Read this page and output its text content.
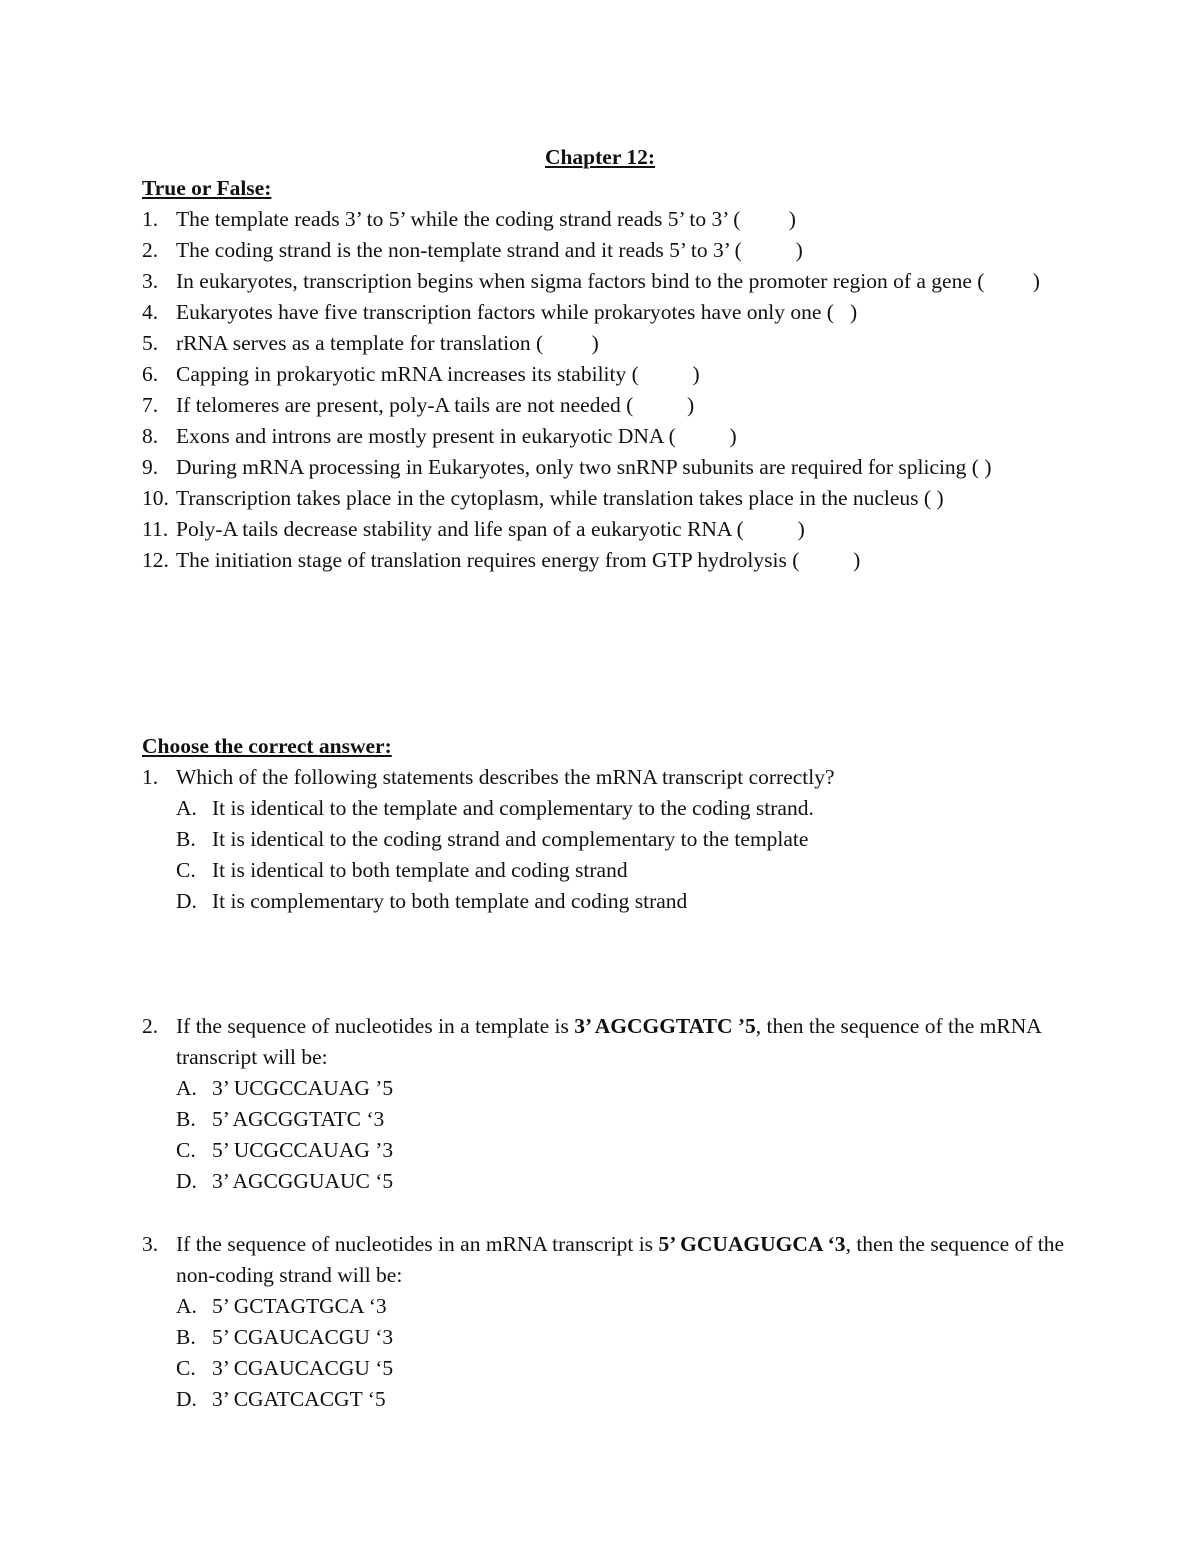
Chapter 12:
True or False:
1. The template reads 3’ to 5’ while the coding strand reads 5’ to 3’ (         )
2. The coding strand is the non-template strand and it reads 5’ to 3’ (          )
3. In eukaryotes, transcription begins when sigma factors bind to the promoter region of a gene (         )
4. Eukaryotes have five transcription factors while prokaryotes have only one (   )
5. rRNA serves as a template for translation (         )
6. Capping in prokaryotic mRNA increases its stability (          )
7. If telomeres are present, poly-A tails are not needed (          )
8. Exons and introns are mostly present in eukaryotic DNA (          )
9. During mRNA processing in Eukaryotes, only two snRNP subunits are required for splicing ( )
10. Transcription takes place in the cytoplasm, while translation takes place in the nucleus ( )
11. Poly-A tails decrease stability and life span of a eukaryotic RNA (          )
12. The initiation stage of translation requires energy from GTP hydrolysis (          )
Choose the correct answer:
1. Which of the following statements describes the mRNA transcript correctly?
A. It is identical to the template and complementary to the coding strand.
B. It is identical to the coding strand and complementary to the template
C. It is identical to both template and coding strand
D. It is complementary to both template and coding strand
2. If the sequence of nucleotides in a template is 3’ AGCGGTATC ’5, then the sequence of the mRNA transcript will be:
A. 3’ UCGCCAUAG ’5
B. 5’ AGCGGTATC ‘3
C. 5’ UCGCCAUAG ’3
D. 3’ AGCGGUAUC ‘5
3. If the sequence of nucleotides in an mRNA transcript is 5’ GCUAGUGCA ‘3, then the sequence of the non-coding strand will be:
A. 5’ GCTAGTGCA ‘3
B. 5’ CGAUCACGU ‘3
C. 3’ CGAUCACGU ‘5
D. 3’ CGATCACGT ‘5
